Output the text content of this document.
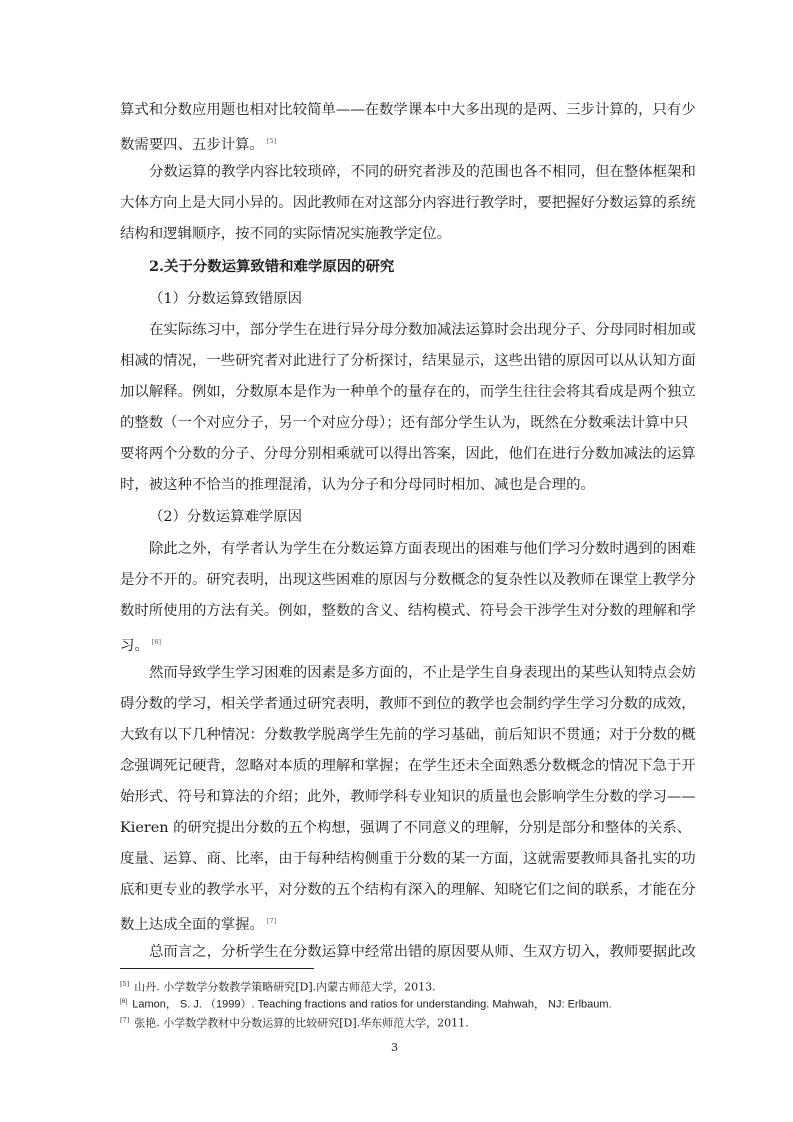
算式和分数应用题也相对比较简单——在数学课本中大多出现的是两、三步计算的，只有少
数需要四、五步计算。 [5]
分数运算的教学内容比较琐碎，不同的研究者涉及的范围也各不相同，但在整体框架和
大体方向上是大同小异的。因此教师在对这部分内容进行教学时，要把握好分数运算的系统
结构和逻辑顺序，按不同的实际情况实施教学定位。
2.关于分数运算致错和难学原因的研究
（1）分数运算致错原因
在实际练习中，部分学生在进行异分母分数加减法运算时会出现分子、分母同时相加或
相减的情况，一些研究者对此进行了分析探讨，结果显示，这些出错的原因可以从认知方面
加以解释。例如，分数原本是作为一种单个的量存在的，而学生往往会将其看成是两个独立
的整数（一个对应分子，另一个对应分母）；还有部分学生认为，既然在分数乘法计算中只
要将两个分数的分子、分母分别相乘就可以得出答案，因此，他们在进行分数加减法的运算
时，被这种不恰当的推理混淆，认为分子和分母同时相加、减也是合理的。
（2）分数运算难学原因
除此之外，有学者认为学生在分数运算方面表现出的困难与他们学习分数时遇到的困难
是分不开的。研究表明，出现这些困难的原因与分数概念的复杂性以及教师在课堂上教学分
数时所使用的方法有关。例如，整数的含义、结构模式、符号会干涉学生对分数的理解和学
习。 [6]
然而导致学生学习困难的因素是多方面的，不止是学生自身表现出的某些认知特点会妨
碍分数的学习，相关学者通过研究表明，教师不到位的教学也会制约学生学习分数的成效，
大致有以下几种情况：分数教学脱离学生先前的学习基础，前后知识不贯通；对于分数的概
念强调死记硬背，忽略对本质的理解和掌握；在学生还未全面熟悉分数概念的情况下急于开
始形式、符号和算法的介绍；此外，教师学科专业知识的质量也会影响学生分数的学习——
Kieren 的研究提出分数的五个构想，强调了不同意义的理解，分别是部分和整体的关系、
度量、运算、商、比率，由于每种结构侧重于分数的某一方面，这就需要教师具备扎实的功
底和更专业的教学水平，对分数的五个结构有深入的理解、知晓它们之间的联系，才能在分
数上达成全面的掌握。 [7]
总而言之，分析学生在分数运算中经常出错的原因要从师、生双方切入，教师要据此改
[5] 山丹. 小学数学分数教学策略研究[D].内蒙古师范大学，2013.
[6] Lamon， S. J. （1999）. Teaching fractions and ratios for understanding. Mahwah， NJ: Erlbaum.
[7] 张艳. 小学数学教材中分数运算的比较研究[D].华东师范大学，2011.
3
